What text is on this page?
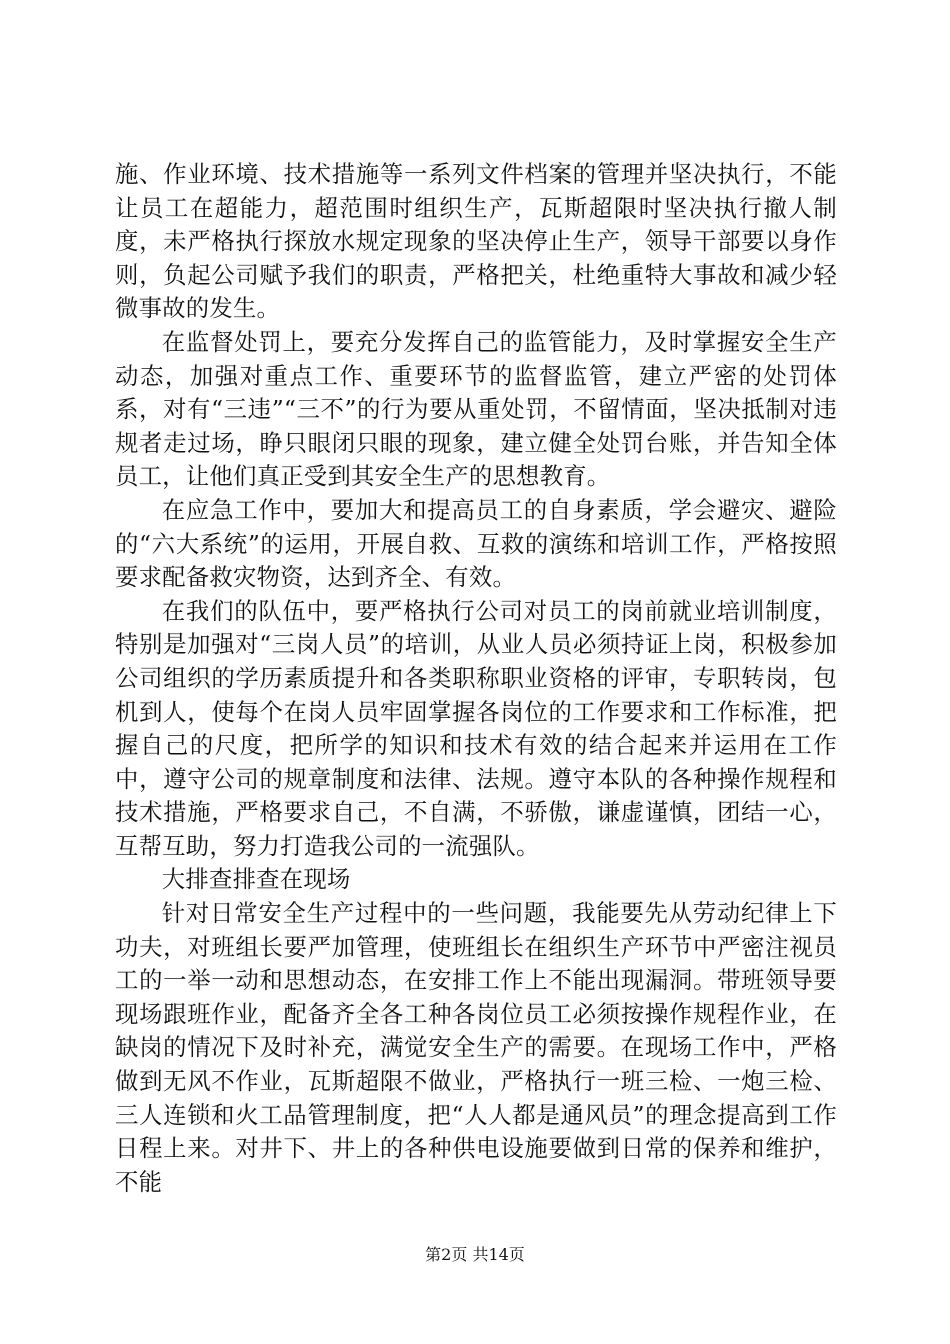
施、作业环境、技术措施等一系列文件档案的管理并坚决执行，不能让员工在超能力，超范围时组织生产，瓦斯超限时坚决执行撤人制度，未严格执行探放水规定现象的坚决停止生产，领导干部要以身作则，负起公司赋予我们的职责，严格把关，杜绝重特大事故和减少轻微事故的发生。

在监督处罚上，要充分发挥自己的监管能力，及时掌握安全生产动态，加强对重点工作、重要环节的监督监管，建立严密的处罚体系，对有“三违”“三不”的行为要从重处罚，不留情面，坚决抵制对违规者走过场，睁只眼闭只眼的现象，建立健全处罚台账，并告知全体员工，让他们真正受到其安全生产的思想教育。

在应急工作中，要加大和提高员工的自身素质，学会避灾、避险的“六大系统”的运用，开展自救、互救的演练和培训工作，严格按照要求配备救灾物资，达到齐全、有效。

在我们的队伍中，要严格执行公司对员工的岗前就业培训制度，特别是加强对“三岗人员”的培训，从业人员必须持证上岗，积极参加公司组织的学历素质提升和各类职称职业资格的评审，专职转岗，包机到人，使每个在岗人员牢固掌握各岗位的工作要求和工作标准，把握自己的尺度，把所学的知识和技术有效的结合起来并运用在工作中，遵守公司的规章制度和法律、法规。遵守本队的各种操作规程和技术措施，严格要求自己，不自满，不骄傲，谦虚谨慎，团结一心，互帮互助，努力打造我公司的一流强队。

大排查排查在现场

针对日常安全生产过程中的一些问题，我能要先从劳动纪律上下功夫，对班组长要严加管理，使班组长在组织生产环节中严密注视员工的一举一动和思想动态，在安排工作上不能出现漏洞。带班领导要现场跟班作业，配备齐全各工种各岗位员工必须按操作规程作业，在缺岗的情况下及时补充，满觉安全生产的需要。在现场工作中，严格做到无风不作业，瓦斯超限不做业，严格执行一班三检、一炮三检、三人连锁和火工品管理制度，把“人人都是通风员”的理念提高到工作日程上来。对井下、井上的各种供电设施要做到日常的保养和维护，不能

第2页 共14页
